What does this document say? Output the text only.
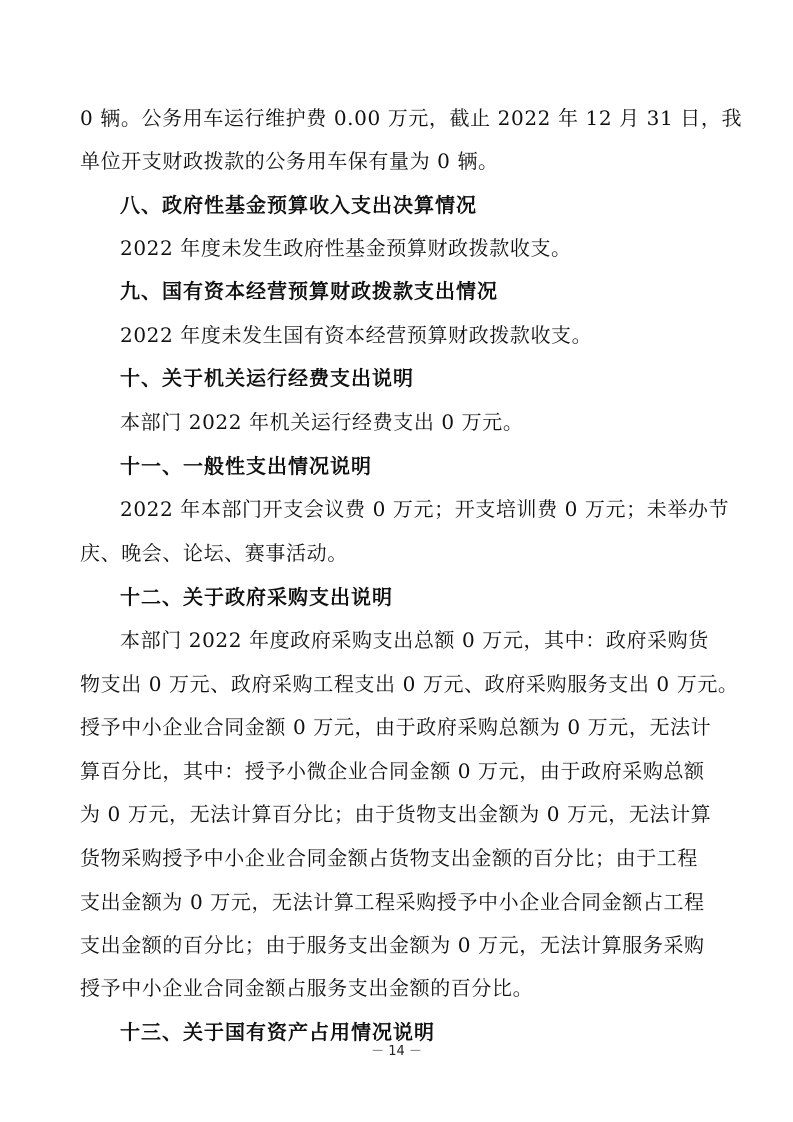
0 辆。公务用车运行维护费 0.00 万元，截止 2022 年 12 月 31 日，我
单位开支财政拨款的公务用车保有量为 0 辆。
八、政府性基金预算收入支出决算情况
2022 年度未发生政府性基金预算财政拨款收支。
九、国有资本经营预算财政拨款支出情况
2022 年度未发生国有资本经营预算财政拨款收支。
十、关于机关运行经费支出说明
本部门 2022 年机关运行经费支出 0 万元。
十一、一般性支出情况说明
2022 年本部门开支会议费 0 万元；开支培训费 0 万元；未举办节
庆、晚会、论坛、赛事活动。
十二、关于政府采购支出说明
本部门 2022 年度政府采购支出总额 0 万元，其中：政府采购货
物支出 0 万元、政府采购工程支出 0 万元、政府采购服务支出 0 万元。
授予中小企业合同金额 0 万元，由于政府采购总额为 0 万元，无法计
算百分比，其中：授予小微企业合同金额 0 万元，由于政府采购总额
为 0 万元，无法计算百分比；由于货物支出金额为 0 万元，无法计算
货物采购授予中小企业合同金额占货物支出金额的百分比；由于工程
支出金额为 0 万元，无法计算工程采购授予中小企业合同金额占工程
支出金额的百分比；由于服务支出金额为 0 万元，无法计算服务采购
授予中小企业合同金额占服务支出金额的百分比。
十三、关于国有资产占用情况说明
－ 14 －
